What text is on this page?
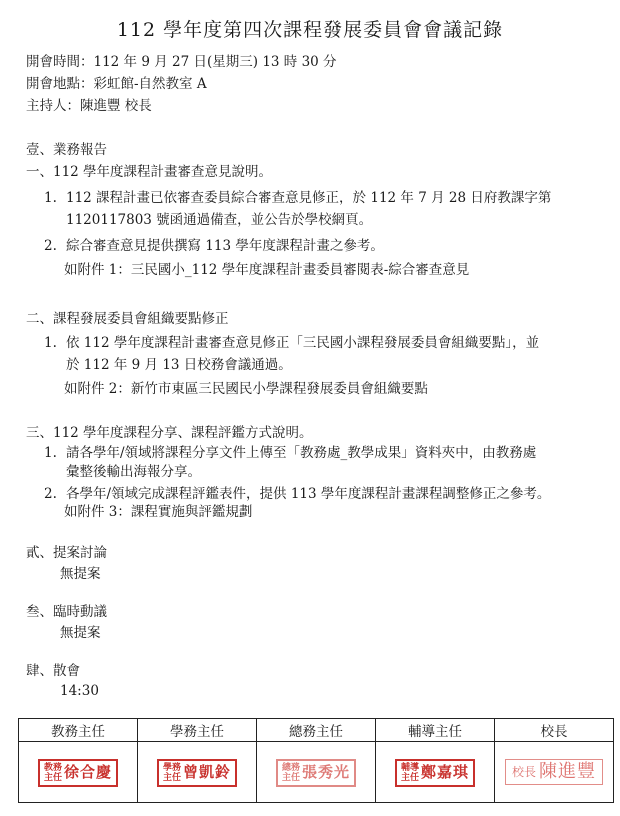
112 學年度第四次課程發展委員會會議記錄
開會時間：112 年 9 月 27 日(星期三) 13 時 30 分
開會地點：彩虹館-自然教室 A
主持人：陳進豐 校長
壹、業務報告
一、112 學年度課程計畫審查意見說明。
1. 112 課程計畫已依審查委員綜合審查意見修正，於 112 年 7 月 28 日府教課字第
1120117803 號函通過備查，並公告於學校網頁。
2. 綜合審查意見提供撰寫 113 學年度課程計畫之參考。
如附件 1：三民國小_112 學年度課程計畫委員審閱表-綜合審查意見
二、課程發展委員會組織要點修正
1. 依 112 學年度課程計畫審查意見修正「三民國小課程發展委員會組織要點」，並
於 112 年 9 月 13 日校務會議通過。
如附件 2：新竹市東區三民國民小學課程發展委員會組織要點
三、112 學年度課程分享、課程評鑑方式說明。
1. 請各學年/領域將課程分享文件上傳至「教務處_教學成果」資料夾中，由教務處
彙整後輸出海報分享。
2. 各學年/領域完成課程評鑑表件，提供 113 學年度課程計畫課程調整修正之參考。
如附件 3：課程實施與評鑑規劃
貳、提案討論
無提案
叁、臨時動議
無提案
肆、散會
14:30
教務主任	學務主任	總務主任	輔導主任	校長

教務
主任 徐合慶	學務
主任 曾凱鈴	總務
主任 張秀光	輔導
主任 鄭嘉琪	校長 陳進豐
